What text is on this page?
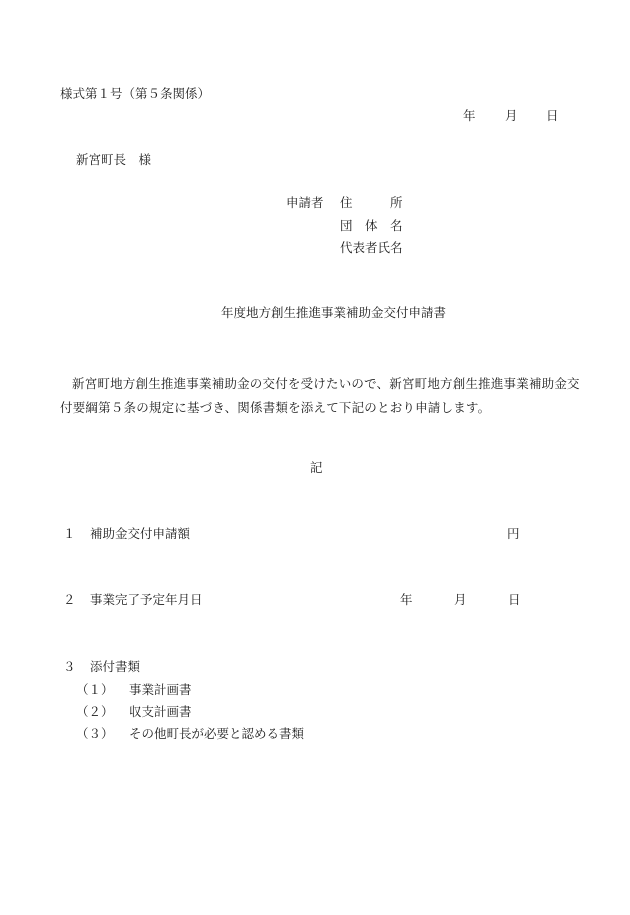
様式第１号（第５条関係）
年 月 日
新宮町長　様
申請者 住　　　所
団　体　名
代表者氏名
年度地方創生推進事業補助金交付申請書
新宮町地方創生推進事業補助金の交付を受けたいので、新宮町地方創生推進事業補助金交付要綱第５条の規定に基づき、関係書類を添えて下記のとおり申請します。
記
１ 補助金交付申請額	円
２ 事業完了予定年月日	年	月	日
３ 添付書類
（１） 事業計画書
（２） 収支計画書
（３） その他町長が必要と認める書類
